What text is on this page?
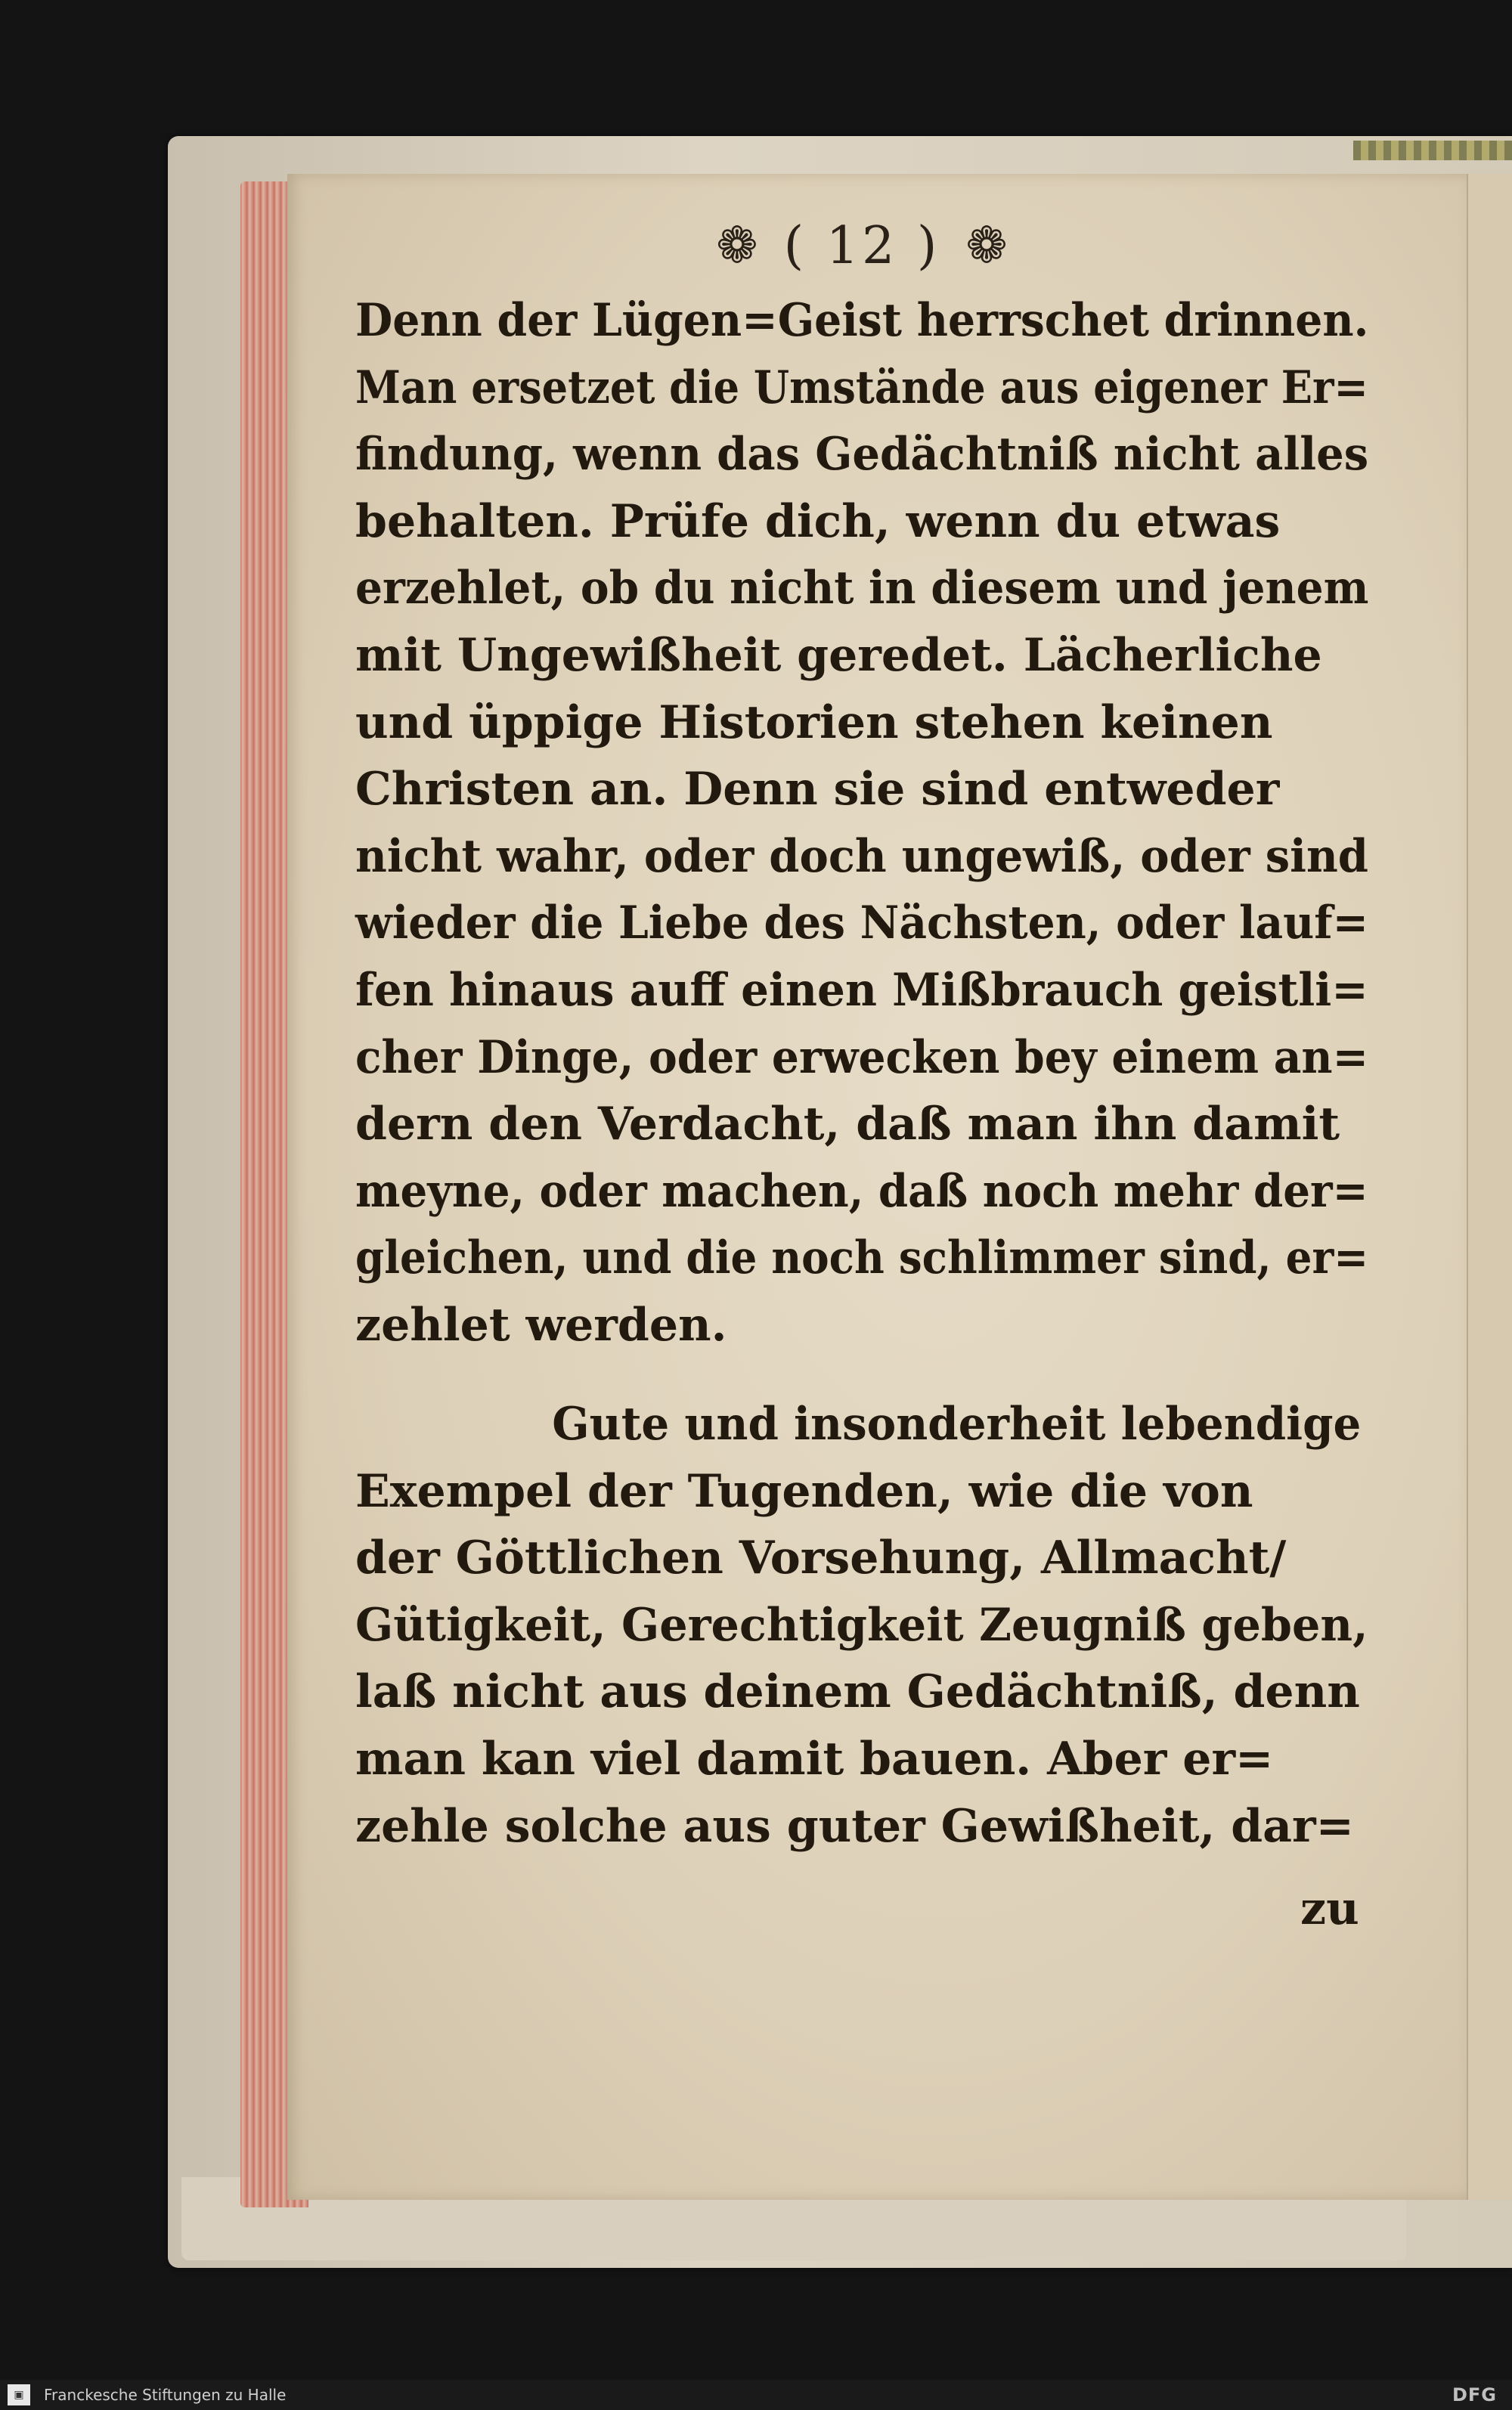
❁ ( 12 ) ❁
Denn der Lügen=Geist herrschet drinnen.
Man ersetzet die Umstände aus eigener Er=
findung, wenn das Gedächtniß nicht alles
behalten. Prüfe dich, wenn du etwas
erzehlet, ob du nicht in diesem und jenem
mit Ungewißheit geredet. Lächerliche
und üppige Historien stehen keinen
Christen an. Denn sie sind entweder
nicht wahr, oder doch ungewiß, oder sind
wieder die Liebe des Nächsten, oder lauf=
fen hinaus auff einen Mißbrauch geistli=
cher Dinge, oder erwecken bey einem an=
dern den Verdacht, daß man ihn damit
meyne, oder machen, daß noch mehr der=
gleichen, und die noch schlimmer sind, er=
zehlet werden.
Gute und insonderheit lebendige
Exempel der Tugenden, wie die von
der Göttlichen Vorsehung, Allmacht/
Gütigkeit, Gerechtigkeit Zeugniß geben,
laß nicht aus deinem Gedächtniß, denn
man kan viel damit bauen. Aber er=
zehle solche aus guter Gewißheit, dar=
zu
▣	Franckesche Stiftungen zu Halle	DFG
